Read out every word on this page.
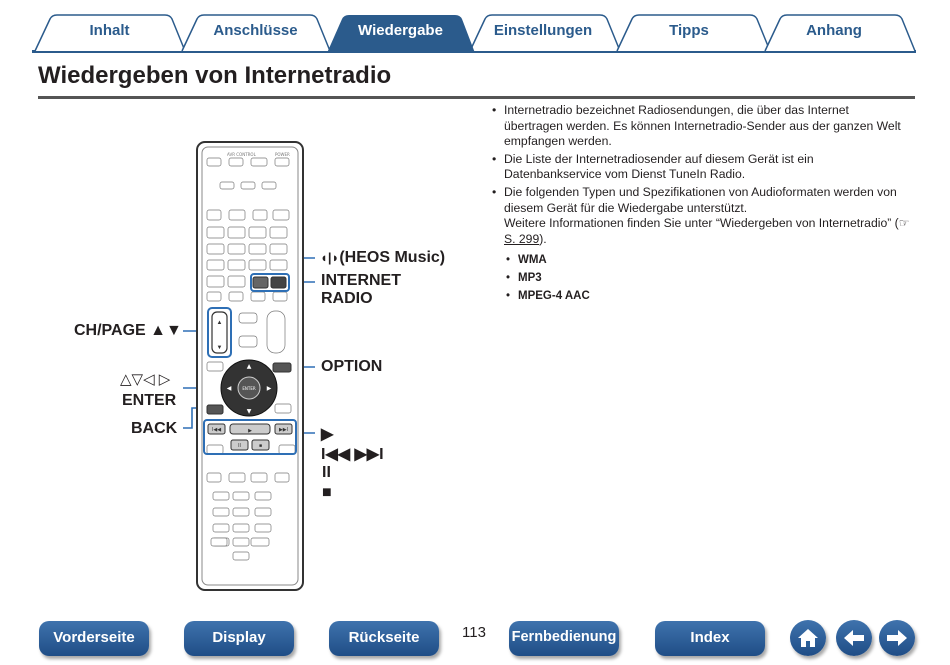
Inhalt	Anschlüsse	Wiedergabe	Einstellungen	Tipps	Anhang
Wiedergeben von Internetradio
• Internetradio bezeichnet Radiosendungen, die über das Internet übertragen werden. Es können Internetradio-Sender aus der ganzen Welt empfangen werden.
• Die Liste der Internetradiosender auf diesem Gerät ist ein Datenbankservice vom Dienst TuneIn Radio.
• Die folgenden Typen und Spezifikationen von Audioformaten werden von diesem Gerät für die Wiedergabe unterstützt.
Weitere Informationen finden Sie unter “Wiedergeben von Internetradio” (☞ S. 299).
• WMA
• MP3
• MPEG-4 AAC
AVR CONTROL	POWER
▲
▼
▲
▼
◀	▶
ENTER
I◀◀	▶	▶▶I
II	■
◖|◗(HEOS Music)
INTERNET
RADIO
OPTION
CH/PAGE ▲▼
△▽◁ ▷
ENTER
BACK	▶
I◀◀ ▶▶I
II
■
Vorderseite	Display	Rückseite	113 Fernbedienung	Index
